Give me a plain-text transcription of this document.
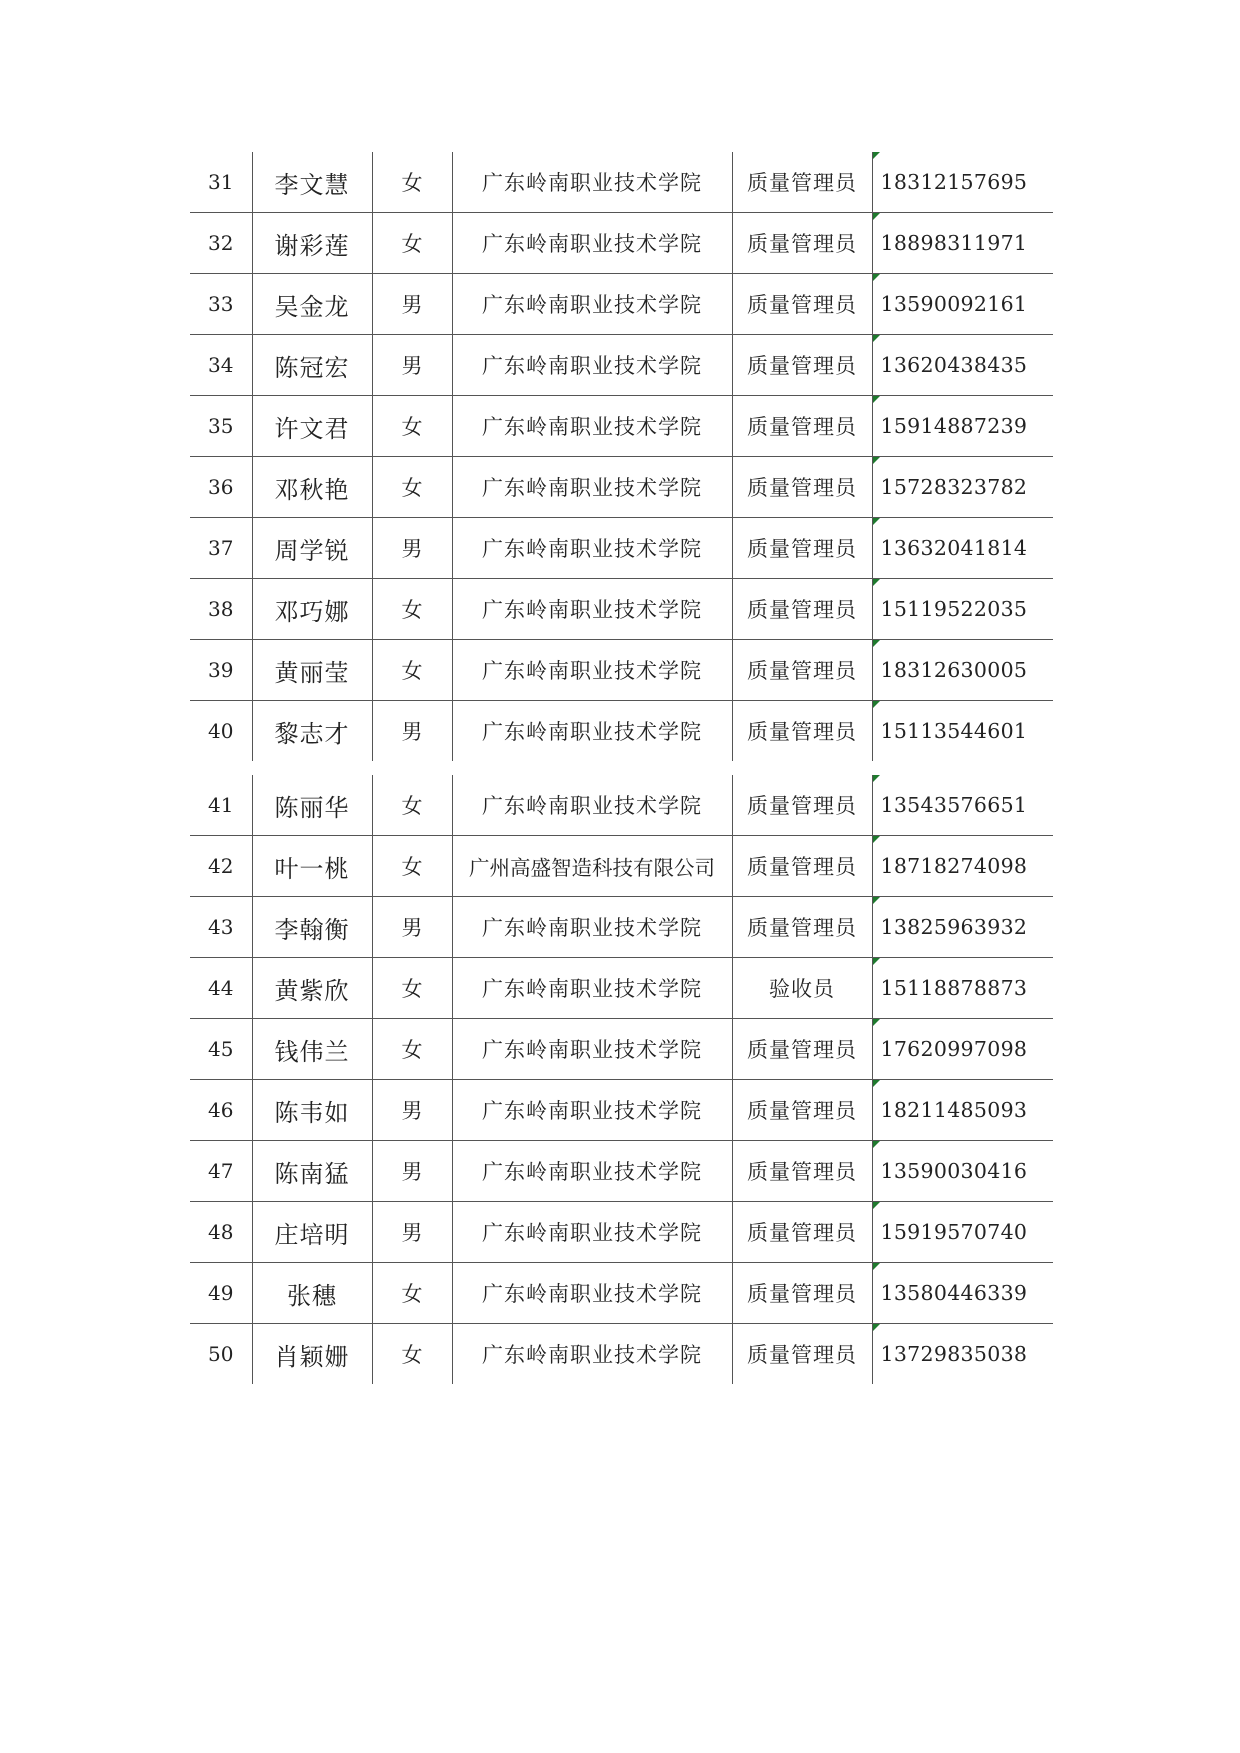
31	李文慧	女	广东岭南职业技术学院	质量管理员	18312157695	
32	谢彩莲	女	广东岭南职业技术学院	质量管理员	18898311971	
33	吴金龙	男	广东岭南职业技术学院	质量管理员	13590092161	
34	陈冠宏	男	广东岭南职业技术学院	质量管理员	13620438435	
35	许文君	女	广东岭南职业技术学院	质量管理员	15914887239	
36	邓秋艳	女	广东岭南职业技术学院	质量管理员	15728323782	
37	周学锐	男	广东岭南职业技术学院	质量管理员	13632041814	
38	邓巧娜	女	广东岭南职业技术学院	质量管理员	15119522035	
39	黄丽莹	女	广东岭南职业技术学院	质量管理员	18312630005	
40	黎志才	男	广东岭南职业技术学院	质量管理员	15113544601	
41	陈丽华	女	广东岭南职业技术学院	质量管理员	13543576651	
42	叶一桃	女	广州高盛智造科技有限公司	质量管理员	18718274098	
43	李翰衡	男	广东岭南职业技术学院	质量管理员	13825963932	
44	黄紫欣	女	广东岭南职业技术学院	验收员	15118878873	
45	钱伟兰	女	广东岭南职业技术学院	质量管理员	17620997098	
46	陈韦如	男	广东岭南职业技术学院	质量管理员	18211485093	
47	陈南猛	男	广东岭南职业技术学院	质量管理员	13590030416	
48	庄培明	男	广东岭南职业技术学院	质量管理员	15919570740	
49	张穗	女	广东岭南职业技术学院	质量管理员	13580446339	
50	肖颖姗	女	广东岭南职业技术学院	质量管理员	13729835038	
